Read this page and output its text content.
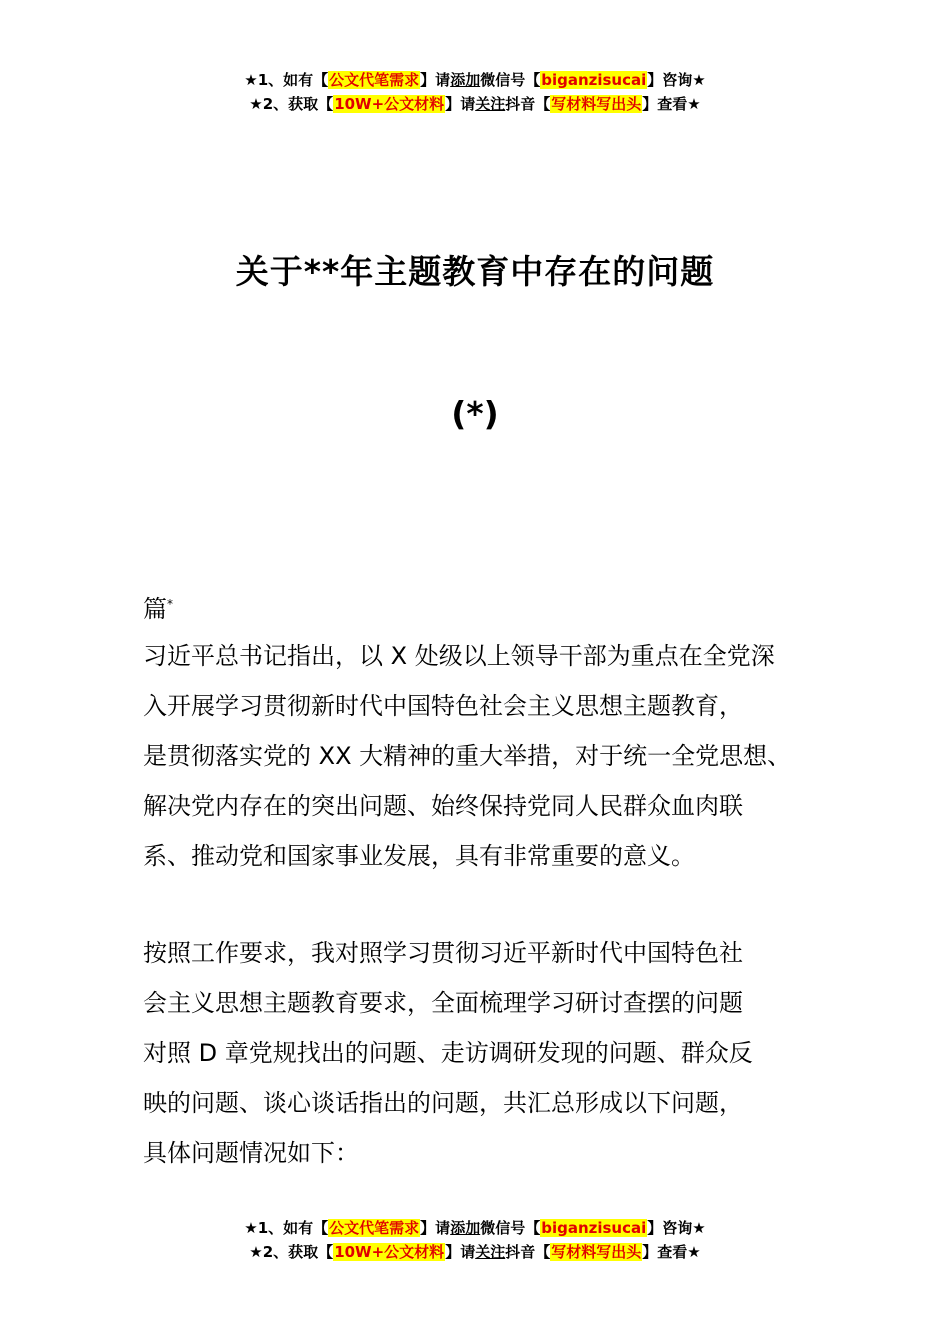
★1、如有【公文代笔需求】请添加微信号【biganzisucai】咨询★
★2、获取【10W+公文材料】请关注抖音【写材料写出头】查看★
关于**年主题教育中存在的问题
(*)
篇*
习近平总书记指出，以 X 处级以上领导干部为重点在全党深
入开展学习贯彻新时代中国特色社会主义思想主题教育，
是贯彻落实党的 XX 大精神的重大举措，对于统一全党思想、
解决党内存在的突出问题、始终保持党同人民群众血肉联
系、推动党和国家事业发展，具有非常重要的意义。
按照工作要求，我对照学习贯彻习近平新时代中国特色社
会主义思想主题教育要求，全面梳理学习研讨查摆的问题
对照 D 章党规找出的问题、走访调研发现的问题、群众反
映的问题、谈心谈话指出的问题，共汇总形成以下问题，
具体问题情况如下：
★1、如有【公文代笔需求】请添加微信号【biganzisucai】咨询★
★2、获取【10W+公文材料】请关注抖音【写材料写出头】查看★
